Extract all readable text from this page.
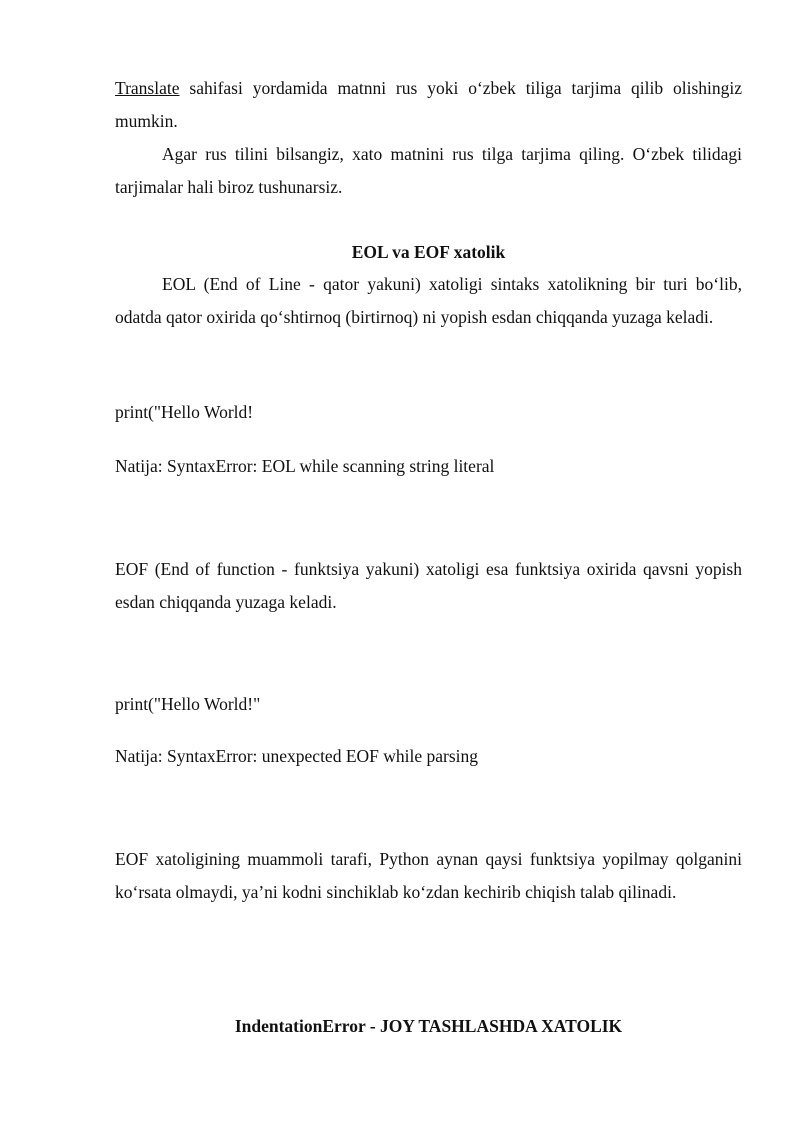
Translate sahifasi yordamida matnni rus yoki o‘zbek tiliga tarjima qilib olishingiz mumkin.

Agar rus tilini bilsangiz, xato matnini rus tilga tarjima qiling. O‘zbek tilidagi tarjimalar hali biroz tushunarsiz.

EOL va EOF xatolik

EOL (End of Line - qator yakuni) xatoligi sintaks xatolikning bir turi bo‘lib, odatda qator oxirida qo‘shtirnoq (birtirnoq) ni yopish esdan chiqqanda yuzaga keladi.

print("Hello World!

Natija: SyntaxError: EOL while scanning string literal

EOF (End of function - funktsiya yakuni) xatoligi esa funktsiya oxirida qavsni yopish esdan chiqqanda yuzaga keladi.

print("Hello World!"

Natija: SyntaxError: unexpected EOF while parsing

EOF xatoligining muammoli tarafi, Python aynan qaysi funktsiya yopilmay qolganini ko‘rsata olmaydi, ya’ni kodni sinchiklab ko‘zdan kechirib chiqish talab qilinadi.

IndentationError - JOY TASHLASHDA XATOLIK
